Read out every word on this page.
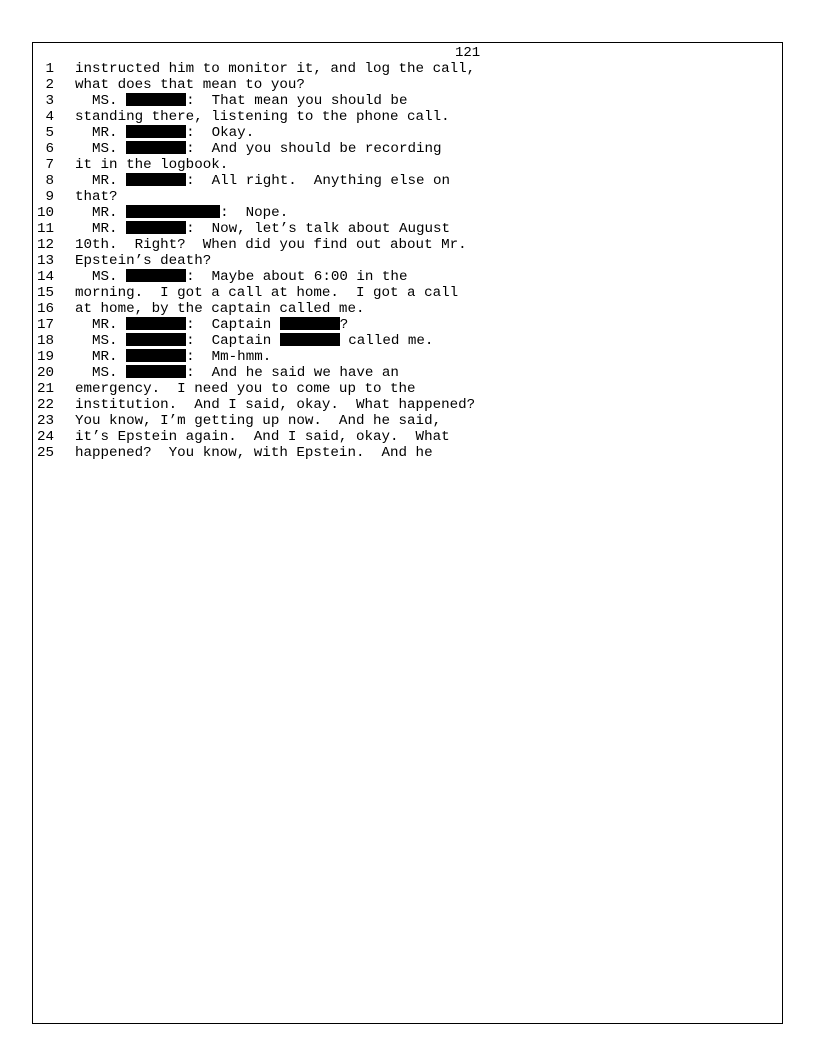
121
1 instructed him to monitor it, and log the call,
2 what does that mean to you?
3 MS.	:  That mean you should be
4 standing there, listening to the phone call.
5 MR.	:  Okay.
6 MS.	:  And you should be recording
7 it in the logbook.
8 MR.	:  All right.  Anything else on
9 that?
10 MR.	:  Nope.
11 MR.	:  Now, let’s talk about August
12 10th.  Right?  When did you find out about Mr.
13 Epstein’s death?
14 MS.	:  Maybe about 6:00 in the
15 morning.  I got a call at home.  I got a call
16 at home, by the captain called me.
17 MR.	:  Captain	?
18 MS.	:  Captain	called me.
19 MR.	:  Mm-hmm.
20 MS.	:  And he said we have an
21 emergency.  I need you to come up to the
22 institution.  And I said, okay.  What happened?
23 You know, I’m getting up now.  And he said,
24 it’s Epstein again.  And I said, okay.  What
25 happened?  You know, with Epstein.  And he
